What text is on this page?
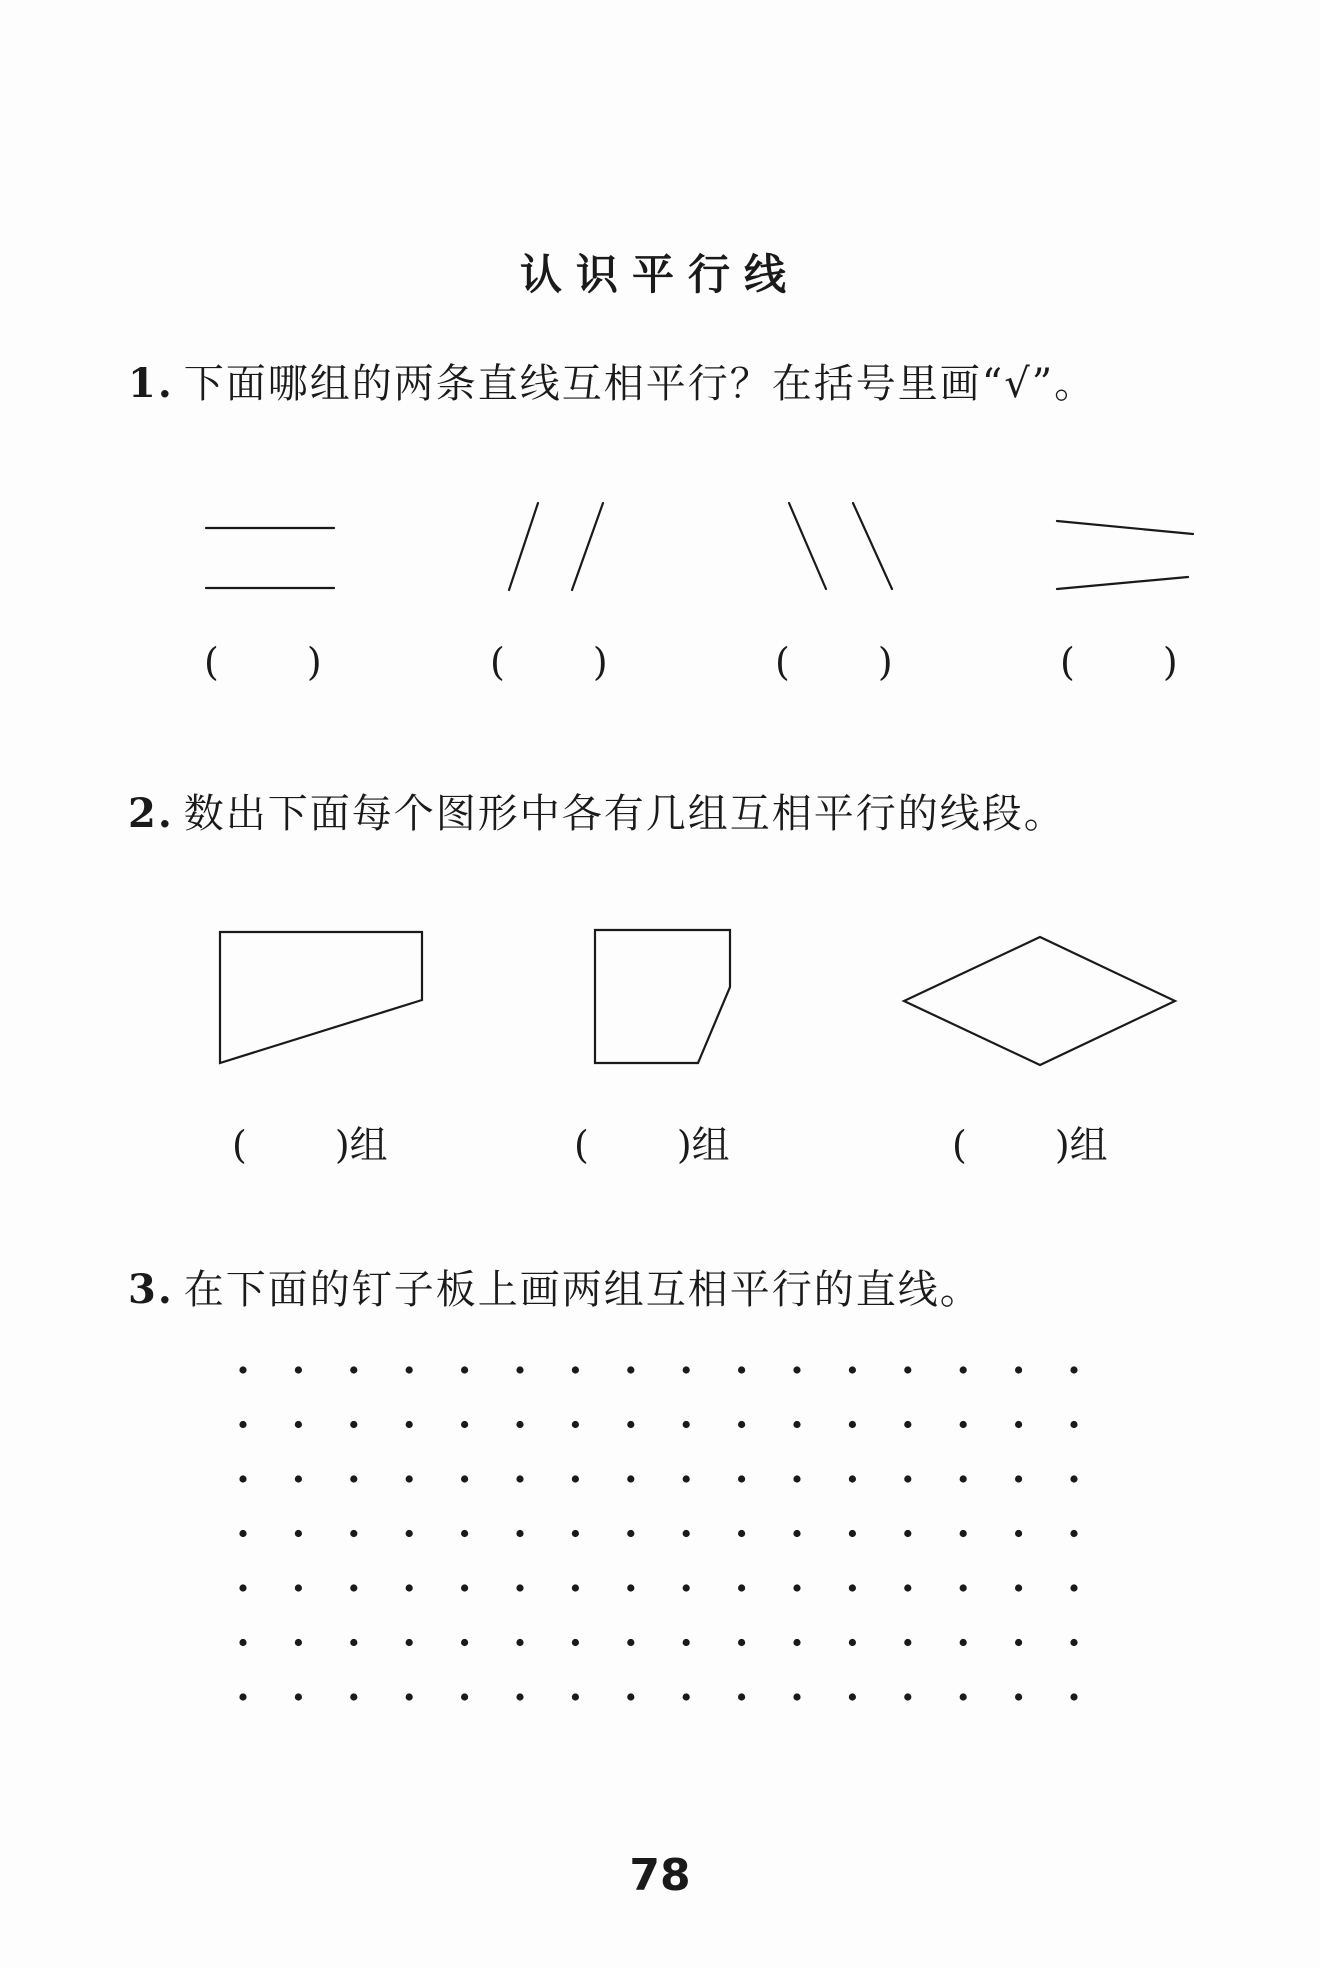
认识平行线
1. 下面哪组的两条直线互相平行？在括号里画“√”。
2. 数出下面每个图形中各有几组互相平行的线段。
3. 在下面的钉子板上画两组互相平行的直线。
( )	( )	( )	( )
( )组	( )组	( )组
78
